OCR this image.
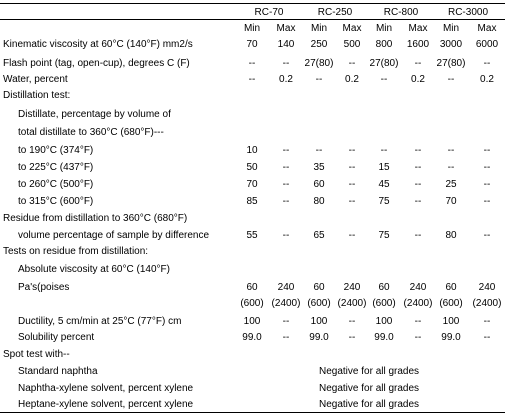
RC-70	RC-250	RC-800	RC-3000
Min	Max	Min	Max	Min	Max	Min	Max
Kinematic viscosity at 60°C (140°F) mm2/s	70	140	250	500	800	1600	3000	6000
Flash point (tag, open-cup), degrees C (F)	--	--	27(80)	--	27(80)	--	27(80)	--
Water, percent	--	0.2	--	0.2	--	0.2	--	0.2
Distillation test:
Distillate, percentage by volume of
total distillate to 360°C (680°F)---
to 190°C (374°F)	10	--	--	--	--	--	--	--
to 225°C (437°F)	50	--	35	--	15	--	--	--
to 260°C (500°F)	70	--	60	--	45	--	25	--
to 315°C (600°F)	85	--	80	--	75	--	70	--
Residue from distillation to 360°C (680°F)
volume percentage of sample by difference	55	--	65	--	75	--	80	--
Tests on residue from distillation:
Absolute viscosity at 60°C (140°F)
Pa's(poises	60	240	60	240	60	240	60	240
(600) (2400) (600) (2400) (600) (2400) (600) (2400)
Ductility, 5 cm/min at 25°C (77°F) cm	100	--	100	--	100	--	100	--
Solubility percent	99.0	--	99.0	--	99.0	--	99.0	--
Spot test with--
Standard naphtha	Negative for all grades
Naphtha-xylene solvent, percent xylene	Negative for all grades
Heptane-xylene solvent, percent xylene	Negative for all grades
